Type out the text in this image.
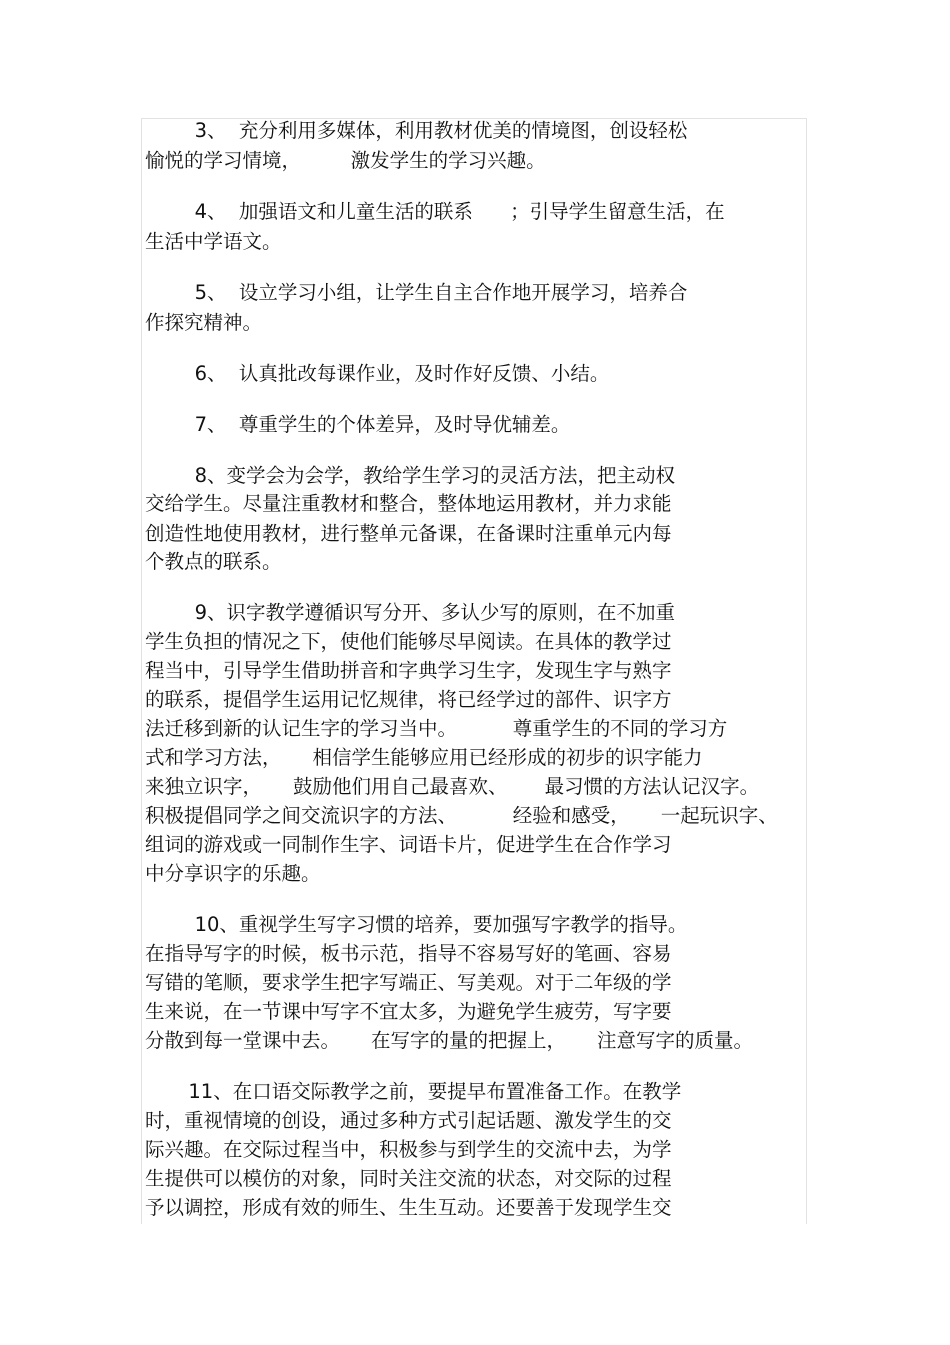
3、  充分利用多媒体，利用教材优美的情境图，创设轻松
愉悦的学习情境，        激发学生的学习兴趣。
4、  加强语文和儿童生活的联系      ；引导学生留意生活，在
生活中学语文。
5、  设立学习小组，让学生自主合作地开展学习，培养合
作探究精神。
6、  认真批改每课作业，及时作好反馈、小结。
7、  尊重学生的个体差异，及时导优辅差。
8、变学会为会学，教给学生学习的灵活方法，把主动权
交给学生。尽量注重教材和整合，整体地运用教材，并力求能
创造性地使用教材，进行整单元备课，在备课时注重单元内每
个教点的联系。
9、识字教学遵循识写分开、多认少写的原则，在不加重
学生负担的情况之下，使他们能够尽早阅读。在具体的教学过
程当中，引导学生借助拼音和字典学习生字，发现生字与熟字
的联系，提倡学生运用记忆规律，将已经学过的部件、识字方
法迁移到新的认记生字的学习当中。         尊重学生的不同的学习方
式和学习方法，     相信学生能够应用已经形成的初步的识字能力
来独立识字，     鼓励他们用自己最喜欢、      最习惯的方法认记汉字。
积极提倡同学之间交流识字的方法、         经验和感受，     一起玩识字、
组词的游戏或一同制作生字、词语卡片，促进学生在合作学习
中分享识字的乐趣。
10、重视学生写字习惯的培养，要加强写字教学的指导。
在指导写字的时候，板书示范，指导不容易写好的笔画、容易
写错的笔顺，要求学生把字写端正、写美观。对于二年级的学
生来说，在一节课中写字不宜太多，为避免学生疲劳，写字要
分散到每一堂课中去。     在写字的量的把握上，     注意写字的质量。
11、在口语交际教学之前，要提早布置准备工作。在教学
时，重视情境的创设，通过多种方式引起话题、激发学生的交
际兴趣。在交际过程当中，积极参与到学生的交流中去，为学
生提供可以模仿的对象，同时关注交流的状态，对交际的过程
予以调控，形成有效的师生、生生互动。还要善于发现学生交
